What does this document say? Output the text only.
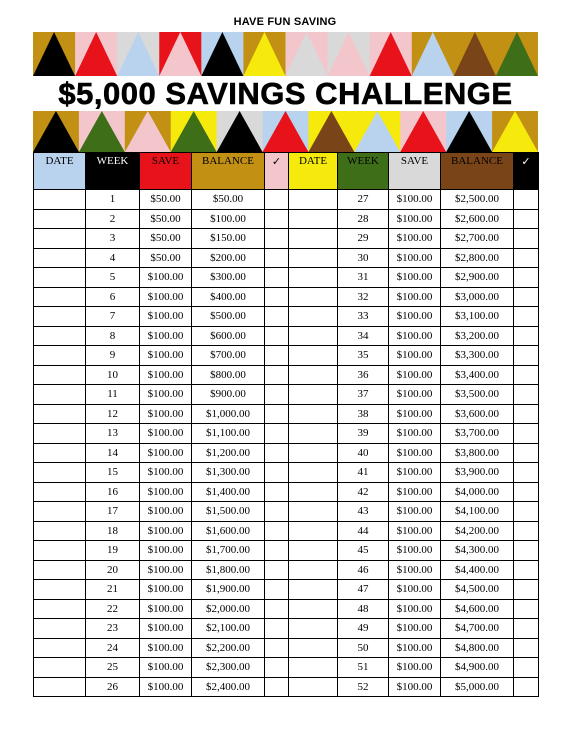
HAVE FUN SAVING
$5,000 SAVINGS CHALLENGE
DATE	WEEK	SAVE	BALANCE	✓	DATE	WEEK	SAVE	BALANCE	✓
	1	$50.00	$50.00			27	$100.00	$2,500.00	
	2	$50.00	$100.00			28	$100.00	$2,600.00	
	3	$50.00	$150.00			29	$100.00	$2,700.00	
	4	$50.00	$200.00			30	$100.00	$2,800.00	
	5	$100.00	$300.00			31	$100.00	$2,900.00	
	6	$100.00	$400.00			32	$100.00	$3,000.00	
	7	$100.00	$500.00			33	$100.00	$3,100.00	
	8	$100.00	$600.00			34	$100.00	$3,200.00	
	9	$100.00	$700.00			35	$100.00	$3,300.00	
	10	$100.00	$800.00			36	$100.00	$3,400.00	
	11	$100.00	$900.00			37	$100.00	$3,500.00	
	12	$100.00	$1,000.00			38	$100.00	$3,600.00	
	13	$100.00	$1,100.00			39	$100.00	$3,700.00	
	14	$100.00	$1,200.00			40	$100.00	$3,800.00	
	15	$100.00	$1,300.00			41	$100.00	$3,900.00	
	16	$100.00	$1,400.00			42	$100.00	$4,000.00	
	17	$100.00	$1,500.00			43	$100.00	$4,100.00	
	18	$100.00	$1,600.00			44	$100.00	$4,200.00	
	19	$100.00	$1,700.00			45	$100.00	$4,300.00	
	20	$100.00	$1,800.00			46	$100.00	$4,400.00	
	21	$100.00	$1,900.00			47	$100.00	$4,500.00	
	22	$100.00	$2,000.00			48	$100.00	$4,600.00	
	23	$100.00	$2,100.00			49	$100.00	$4,700.00	
	24	$100.00	$2,200.00			50	$100.00	$4,800.00	
	25	$100.00	$2,300.00			51	$100.00	$4,900.00	
	26	$100.00	$2,400.00			52	$100.00	$5,000.00	
